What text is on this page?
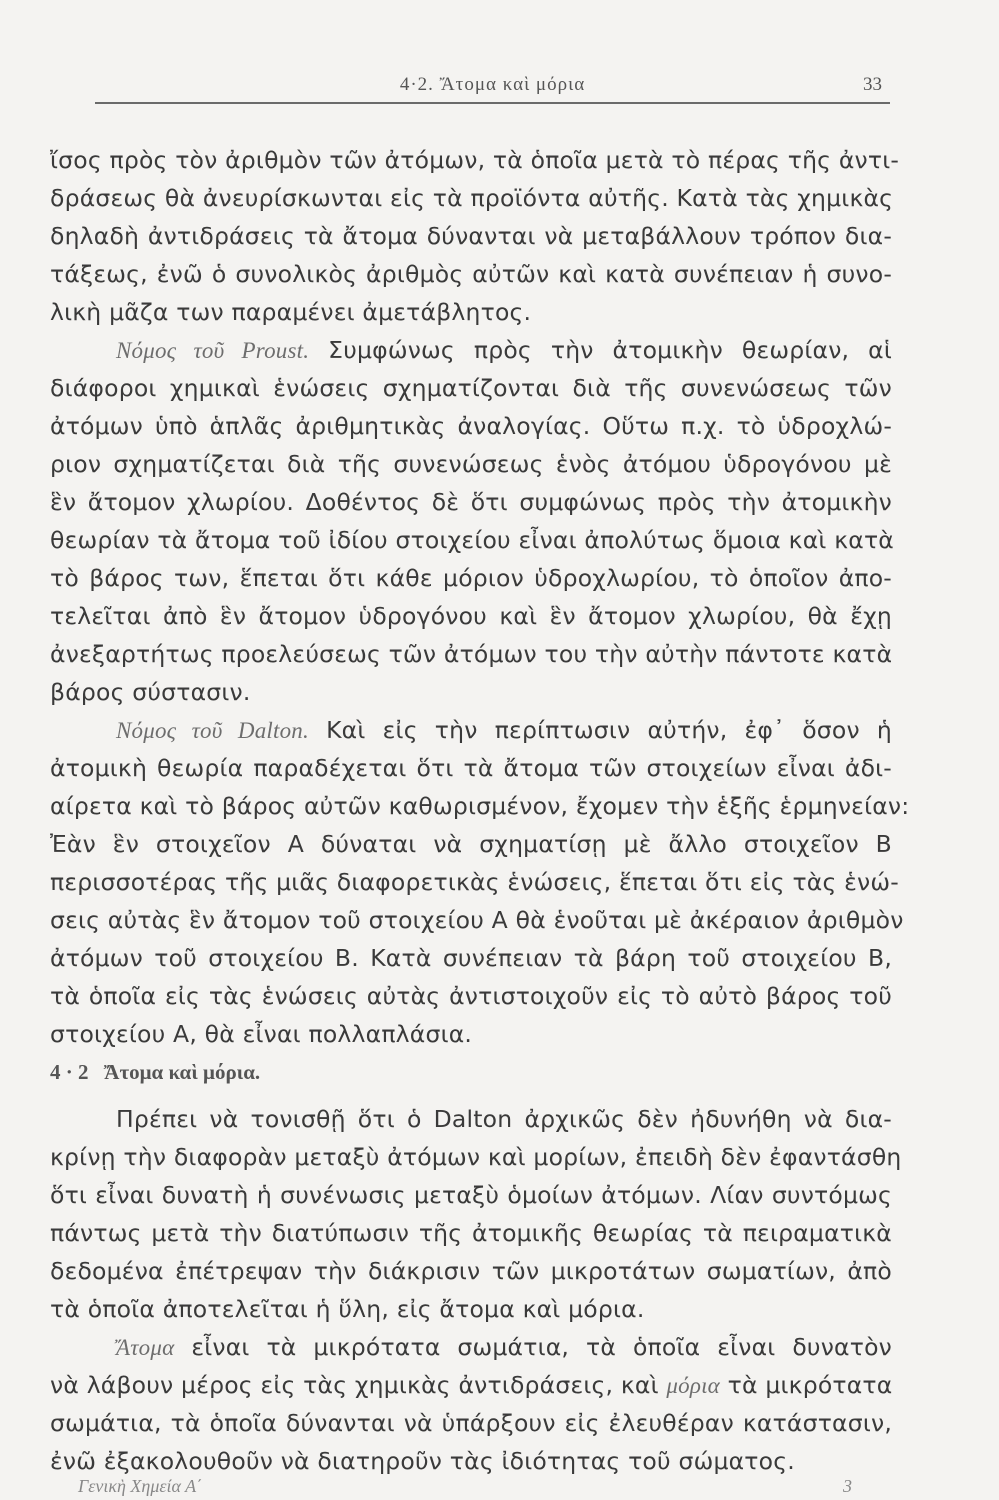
4·2. Ἄτομα καὶ μόρια	33
ἴσος πρὸς τὸν ἀριθμὸν τῶν ἀτόμων, τὰ ὁποῖα μετὰ τὸ πέρας τῆς ἀντι-
δράσεως θὰ ἀνευρίσκωνται εἰς τὰ προϊόντα αὐτῆς. Κατὰ τὰς χημικὰς
δηλαδὴ ἀντιδράσεις τὰ ἄτομα δύνανται νὰ μεταβάλλουν τρόπον δια-
τάξεως, ἐνῶ ὁ συνολικὸς ἀριθμὸς αὐτῶν καὶ κατὰ συνέπειαν ἡ συνο-
λικὴ μᾶζα των παραμένει ἀμετάβλητος.
Νόμος τοῦ Proust. Συμφώνως πρὸς τὴν ἀτομικὴν θεωρίαν, αἱ
διάφοροι χημικαὶ ἑνώσεις σχηματίζονται διὰ τῆς συνενώσεως τῶν
ἀτόμων ὑπὸ ἁπλᾶς ἀριθμητικὰς ἀναλογίας. Οὕτω π.χ. τὸ ὑδροχλώ-
ριον σχηματίζεται διὰ τῆς συνενώσεως ἑνὸς ἀτόμου ὑδρογόνου μὲ
ἓν ἄτομον χλωρίου. Δοθέντος δὲ ὅτι συμφώνως πρὸς τὴν ἀτομικὴν
θεωρίαν τὰ ἄτομα τοῦ ἰδίου στοιχείου εἶναι ἀπολύτως ὅμοια καὶ κατὰ
τὸ βάρος των, ἕπεται ὅτι κάθε μόριον ὑδροχλωρίου, τὸ ὁποῖον ἀπο-
τελεῖται ἀπὸ ἓν ἄτομον ὑδρογόνου καὶ ἓν ἄτομον χλωρίου, θὰ ἔχῃ
ἀνεξαρτήτως προελεύσεως τῶν ἀτόμων του τὴν αὐτὴν πάντοτε κατὰ
βάρος σύστασιν.
Νόμος τοῦ Dalton. Καὶ εἰς τὴν περίπτωσιν αὐτήν, ἐφ᾽ ὅσον ἡ
ἀτομικὴ θεωρία παραδέχεται ὅτι τὰ ἄτομα τῶν στοιχείων εἶναι ἀδι-
αίρετα καὶ τὸ βάρος αὐτῶν καθωρισμένον, ἔχομεν τὴν ἑξῆς ἑρμηνείαν:
Ἐὰν ἓν στοιχεῖον Α δύναται νὰ σχηματίσῃ μὲ ἄλλο στοιχεῖον Β
περισσοτέρας τῆς μιᾶς διαφορετικὰς ἑνώσεις, ἕπεται ὅτι εἰς τὰς ἑνώ-
σεις αὐτὰς ἓν ἄτομον τοῦ στοιχείου Α θὰ ἑνοῦται μὲ ἀκέραιον ἀριθμὸν
ἀτόμων τοῦ στοιχείου Β. Κατὰ συνέπειαν τὰ βάρη τοῦ στοιχείου Β,
τὰ ὁποῖα εἰς τὰς ἑνώσεις αὐτὰς ἀντιστοιχοῦν εἰς τὸ αὐτὸ βάρος τοῦ
στοιχείου Α, θὰ εἶναι πολλαπλάσια.
4 · 2 Ἄτομα καὶ μόρια.
Πρέπει νὰ τονισθῇ ὅτι ὁ Dalton ἀρχικῶς δὲν ἠδυνήθη νὰ δια-
κρίνῃ τὴν διαφορὰν μεταξὺ ἀτόμων καὶ μορίων, ἐπειδὴ δὲν ἐφαντάσθη
ὅτι εἶναι δυνατὴ ἡ συνένωσις μεταξὺ ὁμοίων ἀτόμων. Λίαν συντόμως
πάντως μετὰ τὴν διατύπωσιν τῆς ἀτομικῆς θεωρίας τὰ πειραματικὰ
δεδομένα ἐπέτρεψαν τὴν διάκρισιν τῶν μικροτάτων σωματίων, ἀπὸ
τὰ ὁποῖα ἀποτελεῖται ἡ ὕλη, εἰς ἄτομα καὶ μόρια.
Ἄτομα εἶναι τὰ μικρότατα σωμάτια, τὰ ὁποῖα εἶναι δυνατὸν
νὰ λάβουν μέρος εἰς τὰς χημικὰς ἀντιδράσεις, καὶ μόρια τὰ μικρότατα
σωμάτια, τὰ ὁποῖα δύνανται νὰ ὑπάρξουν εἰς ἐλευθέραν κατάστασιν,
ἐνῶ ἐξακολουθοῦν νὰ διατηροῦν τὰς ἰδιότητας τοῦ σώματος.
Γενικὴ Χημεία Α΄	3
